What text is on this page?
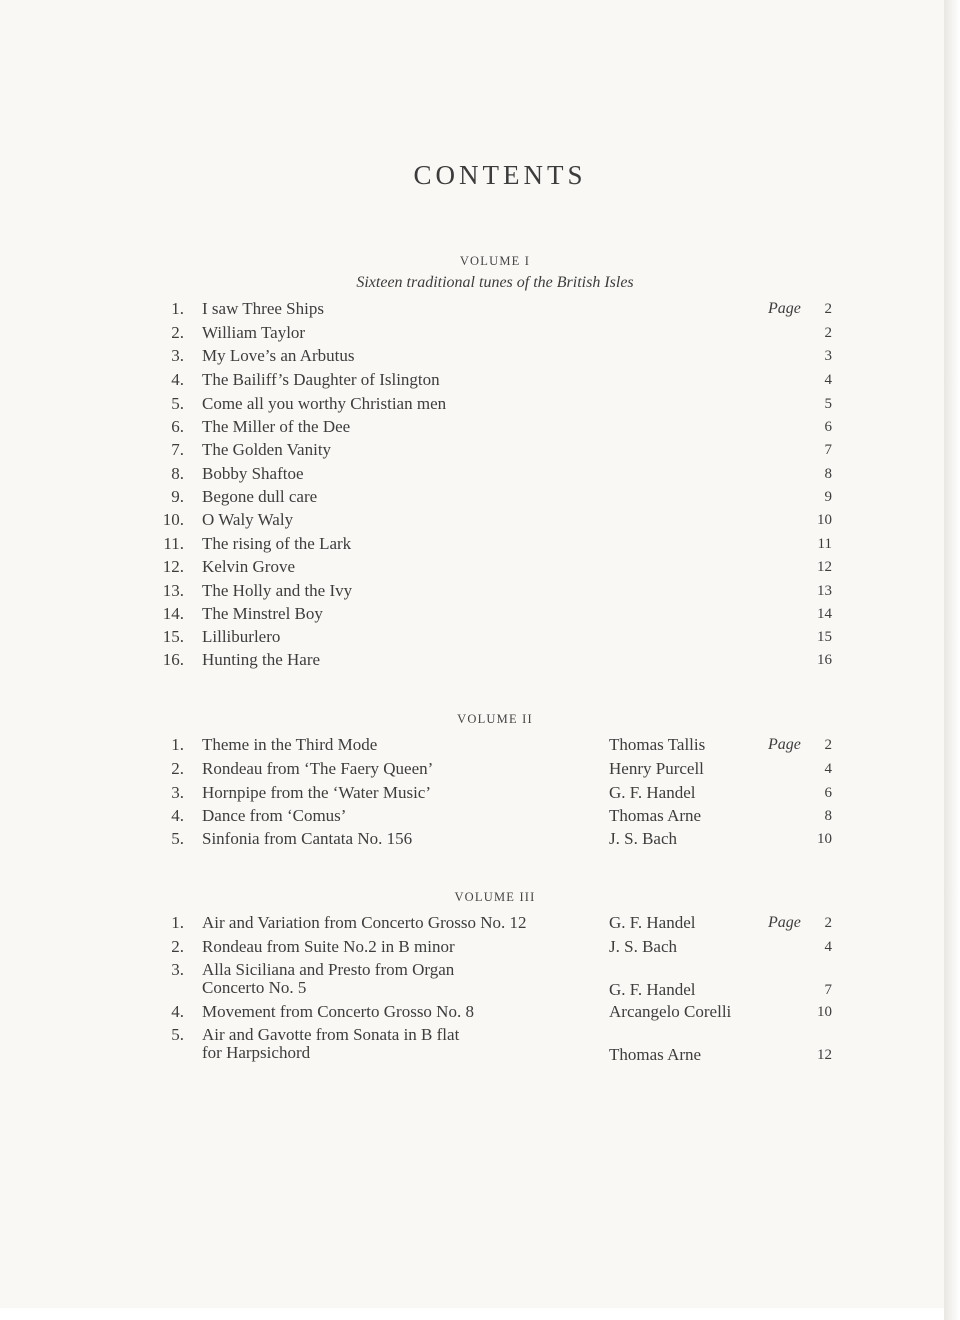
CONTENTS
VOLUME I
Sixteen traditional tunes of the British Isles
1. I saw Three Ships	Page	2
2. William Taylor	2
3. My Love’s an Arbutus	3
4. The Bailiff’s Daughter of Islington	4
5. Come all you worthy Christian men	5
6. The Miller of the Dee	6
7. The Golden Vanity	7
8. Bobby Shaftoe	8
9. Begone dull care	9
10. O Waly Waly	10
11. The rising of the Lark	11
12. Kelvin Grove	12
13. The Holly and the Ivy	13
14. The Minstrel Boy	14
15. Lilliburlero	15
16. Hunting the Hare	16
VOLUME II
1. Theme in the Third Mode	Thomas Tallis	Page	2
2. Rondeau from ‘The Faery Queen’	Henry Purcell	4
3. Hornpipe from the ‘Water Music’	G. F. Handel	6
4. Dance from ‘Comus’	Thomas Arne	8
5. Sinfonia from Cantata No. 156	J. S. Bach	10
VOLUME III
1. Air and Variation from Concerto Grosso No. 12	G. F. Handel	Page	2
2. Rondeau from Suite No.2 in B minor	J. S. Bach	4
3. Alla Siciliana and Presto from Organ
Concerto No. 5	G. F. Handel	7
4. Movement from Concerto Grosso No. 8	Arcangelo Corelli	10
5. Air and Gavotte from Sonata in B flat
for Harpsichord	Thomas Arne	12
